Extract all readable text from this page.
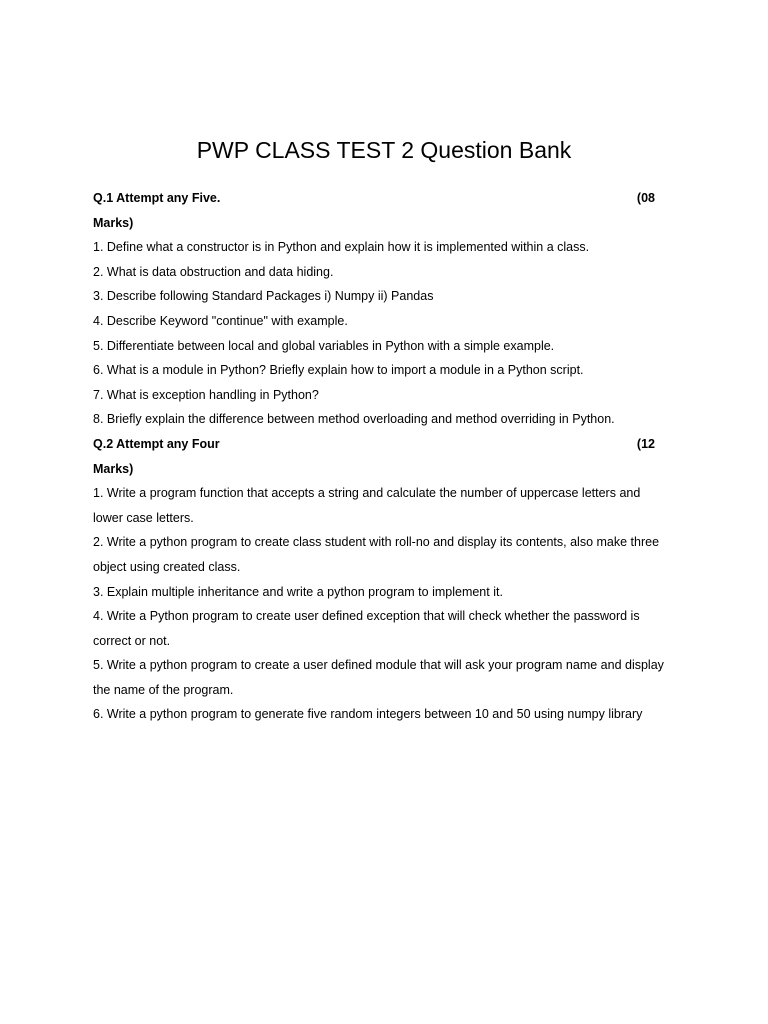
PWP CLASS TEST 2 Question Bank
Q.1 Attempt any Five.	(08
Marks)
1. Define what a constructor is in Python and explain how it is implemented within a class.
2. What is data obstruction and data hiding.
3. Describe following Standard Packages i) Numpy ii) Pandas
4. Describe Keyword "continue" with example.
5. Differentiate between local and global variables in Python with a simple example.
6. What is a module in Python? Briefly explain how to import a module in a Python script.
7. What is exception handling in Python?
8. Briefly explain the difference between method overloading and method overriding in Python.
Q.2 Attempt any Four	(12
Marks)
1. Write a program function that accepts a string and calculate the number of uppercase letters and lower case letters.
2. Write a python program to create class student with roll-no and display its contents, also make three object using created class.
3. Explain multiple inheritance and write a python program to implement it.
4. Write a Python program to create user defined exception that will check whether the password is correct or not.
5. Write a python program to create a user defined module that will ask your program name and display the name of the program.
6. Write a python program to generate five random integers between 10 and 50 using numpy library
